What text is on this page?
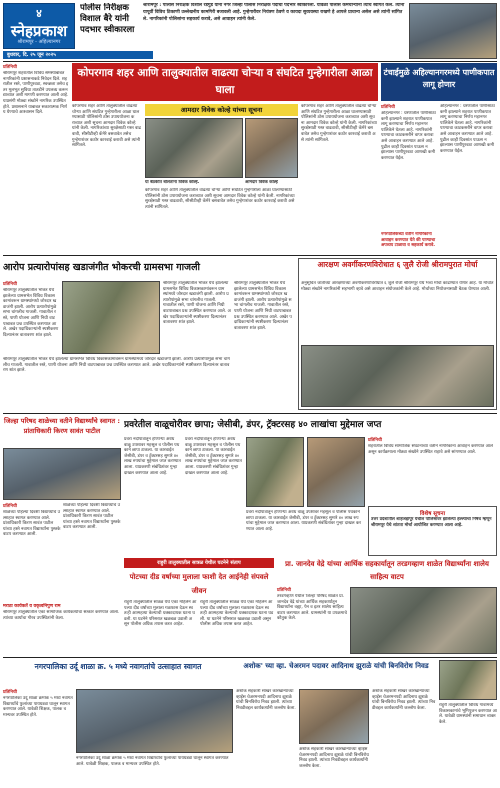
४
स्नेहप्रकाश
श्रीरामपूर - अहिल्यानगर
बुधवार, दि. २५ जून २०२५
पोलीस निरीक्षक विशाल बैरे यांनी पदभार स्वीकारला
श्रीरामपूर : पोलीस निरीक्षक विशाल रेंडगुडे यांनी नगर जिल्हा पोलीस निरीक्षक पदाचा पदभार स्वीकारला. यावेळी पोलीस कर्मचाऱ्यांनी त्यांचे स्वागत केले. त्यांनी यापूर्वी विविध ठिकाणी उल्लेखनीय कामगिरी बजावली आहे. गुन्हेगारीवर नियंत्रण ठेवणे व कायदा सुव्यवस्था राखणे हे आपले प्राधान्य असेल असे त्यांनी सांगितले. नागरिकांनी पोलिसांना सहकार्य करावे, असे आवाहन त्यांनी केले.
प्रतिनिधी
श्रीरामपूर शहरातील विविध समस्यांबाबत नागरिकांनी प्रशासनाकडे निवेदन दिले. शहरातील रस्ते, पाणीपुरवठा, स्वच्छता तसेच इतर मूलभूत सुविधा तातडीने उपलब्ध करून द्याव्यात अशी मागणी करण्यात आली आहे. याप्रसंगी मोठ्या संख्येने नागरिक उपस्थित होते. प्रशासनाने याबाबत सकारात्मक निर्णय घेण्याचे आश्वासन दिले.
कोपरगाव शहर आणि तालुक्यातील वाढत्या चोऱ्या व संघटित गुन्हेगारीला आळा घाला
कोपरगाव शहर आणि तालुक्यातील वाढत्या चोऱ्या आणि संघटित गुन्हेगारीला आळा घालण्यासाठी पोलिसांनी ठोस उपाययोजना कराव्यात अशी सूचना आमदार विवेक कोल्हे यांनी केली. नागरिकांच्या सुरक्षेसाठी गस्त वाढवावी, सीसीटीव्ही कॅमेरे बसवावेत तसेच गुन्हेगारांवर कठोर कारवाई करावी असे त्यांनी सांगितले.
आमदार विवेक कोल्हे यांच्या सूचना
या बैठकीत बोलताना विवेक कोल्हे.	आमदार विवेक कोल्हे
कोपरगाव शहर आणि तालुक्यातील वाढत्या चोऱ्या आणि संघटित गुन्हेगारीला आळा घालण्यासाठी पोलिसांनी ठोस उपाययोजना कराव्यात अशी सूचना आमदार विवेक कोल्हे यांनी केली. नागरिकांच्या सुरक्षेसाठी गस्त वाढवावी, सीसीटीव्ही कॅमेरे बसवावेत तसेच गुन्हेगारांवर कठोर कारवाई करावी असे त्यांनी सांगितले.
कोपरगाव शहर आणि तालुक्यातील वाढत्या चोऱ्या आणि संघटित गुन्हेगारीला आळा घालण्यासाठी पोलिसांनी ठोस उपाययोजना कराव्यात अशी सूचना आमदार विवेक कोल्हे यांनी केली. नागरिकांच्या सुरक्षेसाठी गस्त वाढवावी, सीसीटीव्ही कॅमेरे बसवावेत तसेच गुन्हेगारांवर कठोर कारवाई करावी असे त्यांनी सांगितले.
टंचाईमुळे अहिल्यानगरमध्ये पाणीकपात लागू होणार
प्रतिनिधी
अहिल्यानगर : धरणातील पाणीसाठा कमी झाल्याने शहरात पाणीकपात लागू करण्याचा निर्णय महानगरपालिकेने घेतला आहे. नागरिकांनी पाण्याचा काटकसरीने वापर करावा असे आवाहन करण्यात आले आहे. पुढील काही दिवसांत पाऊस न झाल्यास पाणीपुरवठा आणखी कमी करण्यात येईल.
अहिल्यानगर : धरणातील पाणीसाठा कमी झाल्याने शहरात पाणीकपात लागू करण्याचा निर्णय महानगरपालिकेने घेतला आहे. नागरिकांनी पाण्याचा काटकसरीने वापर करावा असे आवाहन करण्यात आले आहे. पुढील काही दिवसांत पाऊस न झाल्यास पाणीपुरवठा आणखी कमी करण्यात येईल.
आरोप प्रत्यारोपांसह खडाजंगीत भोकरची ग्रामसभा गाजली
प्रतिनिधी
श्रीरामपूर तालुक्यातील भोकर येथे झालेल्या ग्रामसभेत विविध विकासकामांवरून ग्रामस्थांमध्ये जोरदार खडाजंगी झाली. आरोप प्रत्यारोपांमुळे सभा चांगलीच गाजली. गावातील रस्ते, पाणी योजना आणि निधी वाटपाबाबत प्रश्न उपस्थित करण्यात आले. अखेर पदाधिकाऱ्यांनी स्पष्टीकरण दिल्यानंतर वातावरण शांत झाले.
श्रीरामपूर तालुक्यातील भोकर येथे झालेल्या ग्रामसभेत विविध विकासकामांवरून ग्रामस्थांमध्ये जोरदार खडाजंगी झाली. आरोप प्रत्यारोपांमुळे सभा चांगलीच गाजली. गावातील रस्ते, पाणी योजना आणि निधी वाटपाबाबत प्रश्न उपस्थित करण्यात आले. अखेर पदाधिकाऱ्यांनी स्पष्टीकरण दिल्यानंतर वातावरण शांत झाले.
श्रीरामपूर तालुक्यातील भोकर येथे झालेल्या ग्रामसभेत विविध विकासकामांवरून ग्रामस्थांमध्ये जोरदार खडाजंगी झाली. आरोप प्रत्यारोपांमुळे सभा चांगलीच गाजली. गावातील रस्ते, पाणी योजना आणि निधी वाटपाबाबत प्रश्न उपस्थित करण्यात आले. अखेर पदाधिकाऱ्यांनी स्पष्टीकरण दिल्यानंतर वातावरण शांत झाले.
श्रीरामपूर तालुक्यातील भोकर येथे झालेल्या ग्रामसभेत विविध विकासकामांवरून ग्रामस्थांमध्ये जोरदार खडाजंगी झाली. आरोप प्रत्यारोपांमुळे सभा चांगलीच गाजली. गावातील रस्ते, पाणी योजना आणि निधी वाटपाबाबत प्रश्न उपस्थित करण्यात आले. अखेर पदाधिकाऱ्यांनी स्पष्टीकरण दिल्यानंतर वातावरण शांत झाले.
आरक्षण अवर्गीकरणविरोधात ६ जुलै रोजी श्रीरामपुरात मोर्चा
अनुसूचित जातीच्या आरक्षणाच्या अवर्गीकरणाविरोधात ६ जुलै रोजी श्रीरामपूर येथे भव्य मोर्चा काढण्यात येणार आहे. या मोर्चात मोठ्या संख्येने नागरिकांनी सहभागी व्हावे असे आवाहन संयोजकांनी केले आहे. मोर्चाच्या नियोजनासाठी बैठक घेण्यात आली.
जिल्हा परिषद शाळेच्या वतीने विद्यार्थ्यांचे स्वागत : प्रांताधिकारी किरण सावंत पाटील
प्रतिनिधी
शाळेच्या पहिल्या दिवशी विद्यार्थ्यांचे उत्साहात स्वागत करण्यात आले. प्रांताधिकारी किरण सावंत पाटील यांच्या हस्ते नवागत विद्यार्थ्यांना पुस्तके वाटप करण्यात आली.
शाळेच्या पहिल्या दिवशी विद्यार्थ्यांचे उत्साहात स्वागत करण्यात आले. प्रांताधिकारी किरण सावंत पाटील यांच्या हस्ते नवागत विद्यार्थ्यांना पुस्तके वाटप करण्यात आली.
प्रवरेतील वाळूचोरीवर छापा; जेसीबी, डंपर, ट्रॅक्टरसह ४० लाखांचा मुद्देमाल जप्त
प्रवरा नदीपात्रातून होणाऱ्या अवैध वाळू उपशावर महसूल व पोलीस पथकाने छापा टाकला. या कारवाईत जेसीबी, डंपर व ट्रॅक्टरसह सुमारे ४० लाख रुपयांचा मुद्देमाल जप्त करण्यात आला. याप्रकरणी संबंधितांवर गुन्हा दाखल करण्यात आला आहे.
प्रवरा नदीपात्रातून होणाऱ्या अवैध वाळू उपशावर महसूल व पोलीस पथकाने छापा टाकला. या कारवाईत जेसीबी, डंपर व ट्रॅक्टरसह सुमारे ४० लाख रुपयांचा मुद्देमाल जप्त करण्यात आला. याप्रकरणी संबंधितांवर गुन्हा दाखल करण्यात आला आहे.
प्रवरा नदीपात्रातून होणाऱ्या अवैध वाळू उपशावर महसूल व पोलीस पथकाने छापा टाकला. या कारवाईत जेसीबी, डंपर व ट्रॅक्टरसह सुमारे ४० लाख रुपयांचा मुद्देमाल जप्त करण्यात आला. याप्रकरणी संबंधितांवर गुन्हा दाखल करण्यात आला आहे.
प्रतिनिधी
शहरातील विविध सामाजिक संघटनांच्या वतीने नागरिकांना आवाहन करण्यात आले असून कार्यक्रमाला मोठ्या संख्येने उपस्थित राहावे असे सांगण्यात आले.
विशेष सूचना
उत्तर प्रदेशातील शाहजहांपूर येथील पोलिसांवर झालेल्या हल्ल्याचा निषेध म्हणून श्रीरामपूर येथे शांतता मोर्चा आयोजित करण्यात आला आहे.
राहुरी तालुक्यातील सात्रळ येथील घटनेने संताप
पोटच्या दीड वर्षाच्या मुलाला फाशी देत आईनेही संपवले जीवन
राहुरी तालुक्यातील सात्रळ येथे एका महिलेने आपल्या दीड वर्षाच्या मुलाला गळफास देऊन स्वतःही आत्महत्या केल्याची धक्कादायक घटना घडली. या घटनेने परिसरात खळबळ उडाली असून पोलीस अधिक तपास करत आहेत.
राहुरी तालुक्यातील सात्रळ येथे एका महिलेने आपल्या दीड वर्षाच्या मुलाला गळफास देऊन स्वतःही आत्महत्या केल्याची धक्कादायक घटना घडली. या घटनेने परिसरात खळबळ उडाली असून पोलीस अधिक तपास करत आहेत.
प्रा. जानदेव वेद्रे यांच्या आर्थिक सहकार्यातून तरडगव्हाण शाळेत विद्यार्थ्यांना शालेय साहित्य वाटप
प्रतिनिधी
तरडगव्हाण येथील जिल्हा परिषद शाळेत प्रा. जानदेव वेद्रे यांच्या आर्थिक सहकार्यातून विद्यार्थ्यांना वह्या, पेन व इतर शालेय साहित्य वाटप करण्यात आले. ग्रामस्थांनी या उपक्रमाचे कौतुक केले.
श्रीरामपूर तालुक्यातील एका सामाजिक कार्यकर्त्याचा सत्कार करण्यात आला. त्यांच्या कार्याचा गौरव उपस्थितांनी केला.
नगरपालिका उर्दू शाळा क्र. ५ मध्ये नवागतांचे उत्साहात स्वागत
प्रतिनिधी
नगरपालिका उर्दू शाळा क्रमांक ५ मध्ये नवागत विद्यार्थ्यांचे फुलांच्या पायघड्या घालून स्वागत करण्यात आले. यावेळी शिक्षक, पालक व मान्यवर उपस्थित होते.
नगरपालिका उर्दू शाळा क्रमांक ५ मध्ये नवागत विद्यार्थ्यांचे फुलांच्या पायघड्या घालून स्वागत करण्यात आले. यावेळी शिक्षक, पालक व मान्यवर उपस्थित होते.
अशोक' च्या व्हा. चेअरमन पदावर आदिनाथ झुराळे यांची बिनविरोध निवड
अशोक सहकारी साखर कारखान्याच्या व्हाईस चेअरमनपदी आदिनाथ झुराळे यांची बिनविरोध निवड झाली. त्यांच्या निवडीबद्दल कार्यकर्त्यांनी जल्लोष केला.
अशोक सहकारी साखर कारखान्याच्या व्हाईस चेअरमनपदी आदिनाथ झुराळे यांची बिनविरोध निवड झाली. त्यांच्या निवडीबद्दल कार्यकर्त्यांनी जल्लोष केला.
अशोक सहकारी साखर कारखान्याच्या व्हाईस चेअरमनपदी आदिनाथ झुराळे यांची बिनविरोध निवड झाली. त्यांच्या निवडीबद्दल कार्यकर्त्यांनी जल्लोष केला.
राहुरी तालुक्यातील विविध गावांमध्ये विकासकामांचे भूमिपूजन करण्यात आले. यावेळी ग्रामस्थांनी समाधान व्यक्त केले.
मराठा कार्यकर्ते व वकृत्वनिपुण राम
नगरपालिकेच्या वतीने नागरिकांना आवाहन करण्यात येते की पाण्याचा अपव्यय टाळावा व सहकार्य करावे.
